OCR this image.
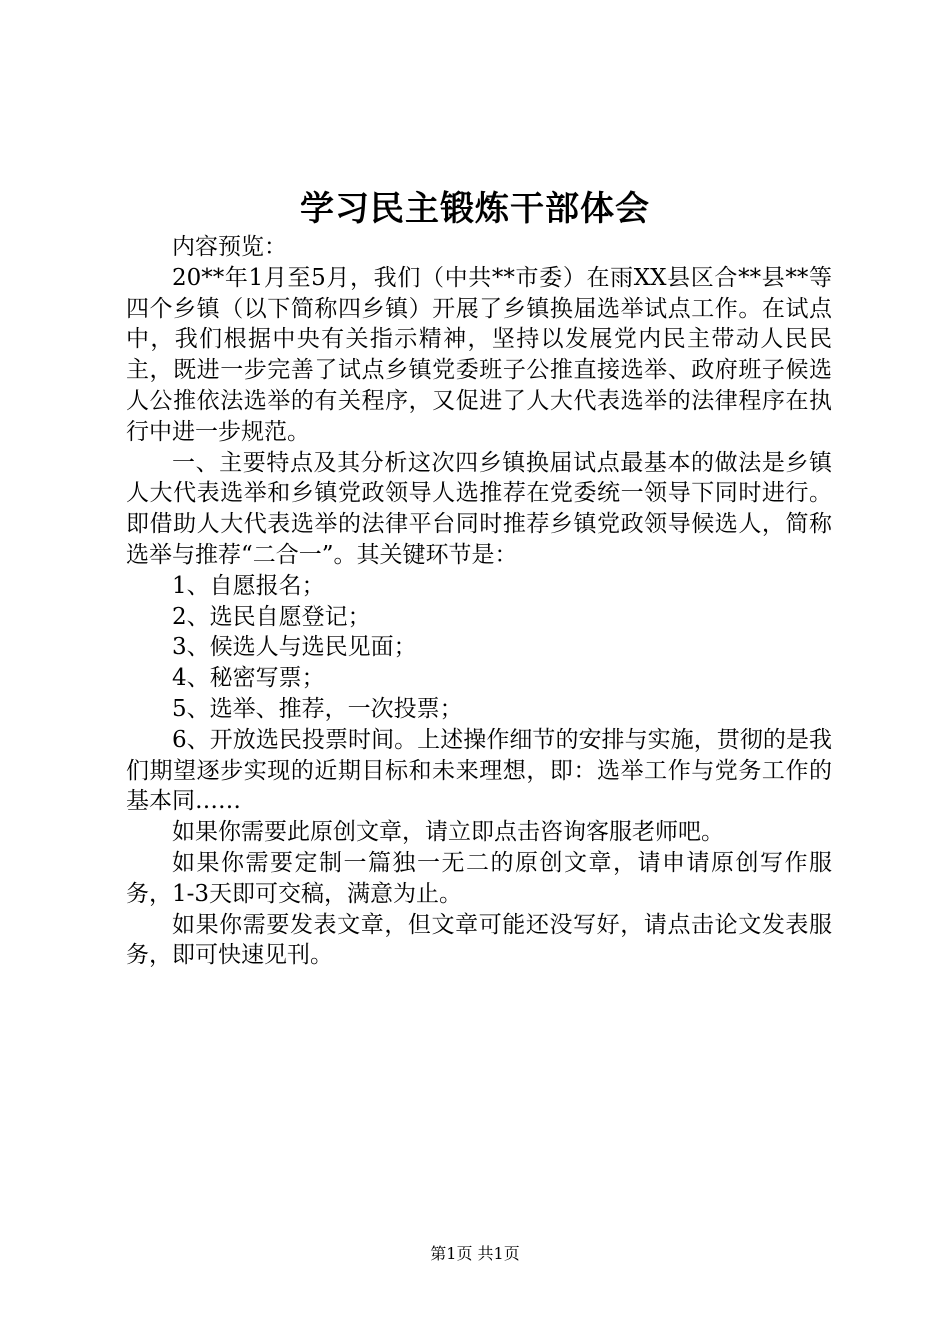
学习民主锻炼干部体会

内容预览：

20**年1月至5月，我们（中共**市委）在雨XX县区合**县**等四个乡镇（以下简称四乡镇）开展了乡镇换届选举试点工作。在试点中，我们根据中央有关指示精神，坚持以发展党内民主带动人民民主，既进一步完善了试点乡镇党委班子公推直接选举、政府班子候选人公推依法选举的有关程序，又促进了人大代表选举的法律程序在执行中进一步规范。

一、主要特点及其分析这次四乡镇换届试点最基本的做法是乡镇人大代表选举和乡镇党政领导人选推荐在党委统一领导下同时进行。即借助人大代表选举的法律平台同时推荐乡镇党政领导候选人，简称选举与推荐“二合一”。其关键环节是：

1、自愿报名；

2、选民自愿登记；

3、候选人与选民见面；

4、秘密写票；

5、选举、推荐，一次投票；

6、开放选民投票时间。上述操作细节的安排与实施，贯彻的是我们期望逐步实现的近期目标和未来理想，即：选举工作与党务工作的基本同……

如果你需要此原创文章，请立即点击咨询客服老师吧。

如果你需要定制一篇独一无二的原创文章，请申请原创写作服务，1-3天即可交稿，满意为止。

如果你需要发表文章，但文章可能还没写好，请点击论文发表服务，即可快速见刊。

第1页 共1页
